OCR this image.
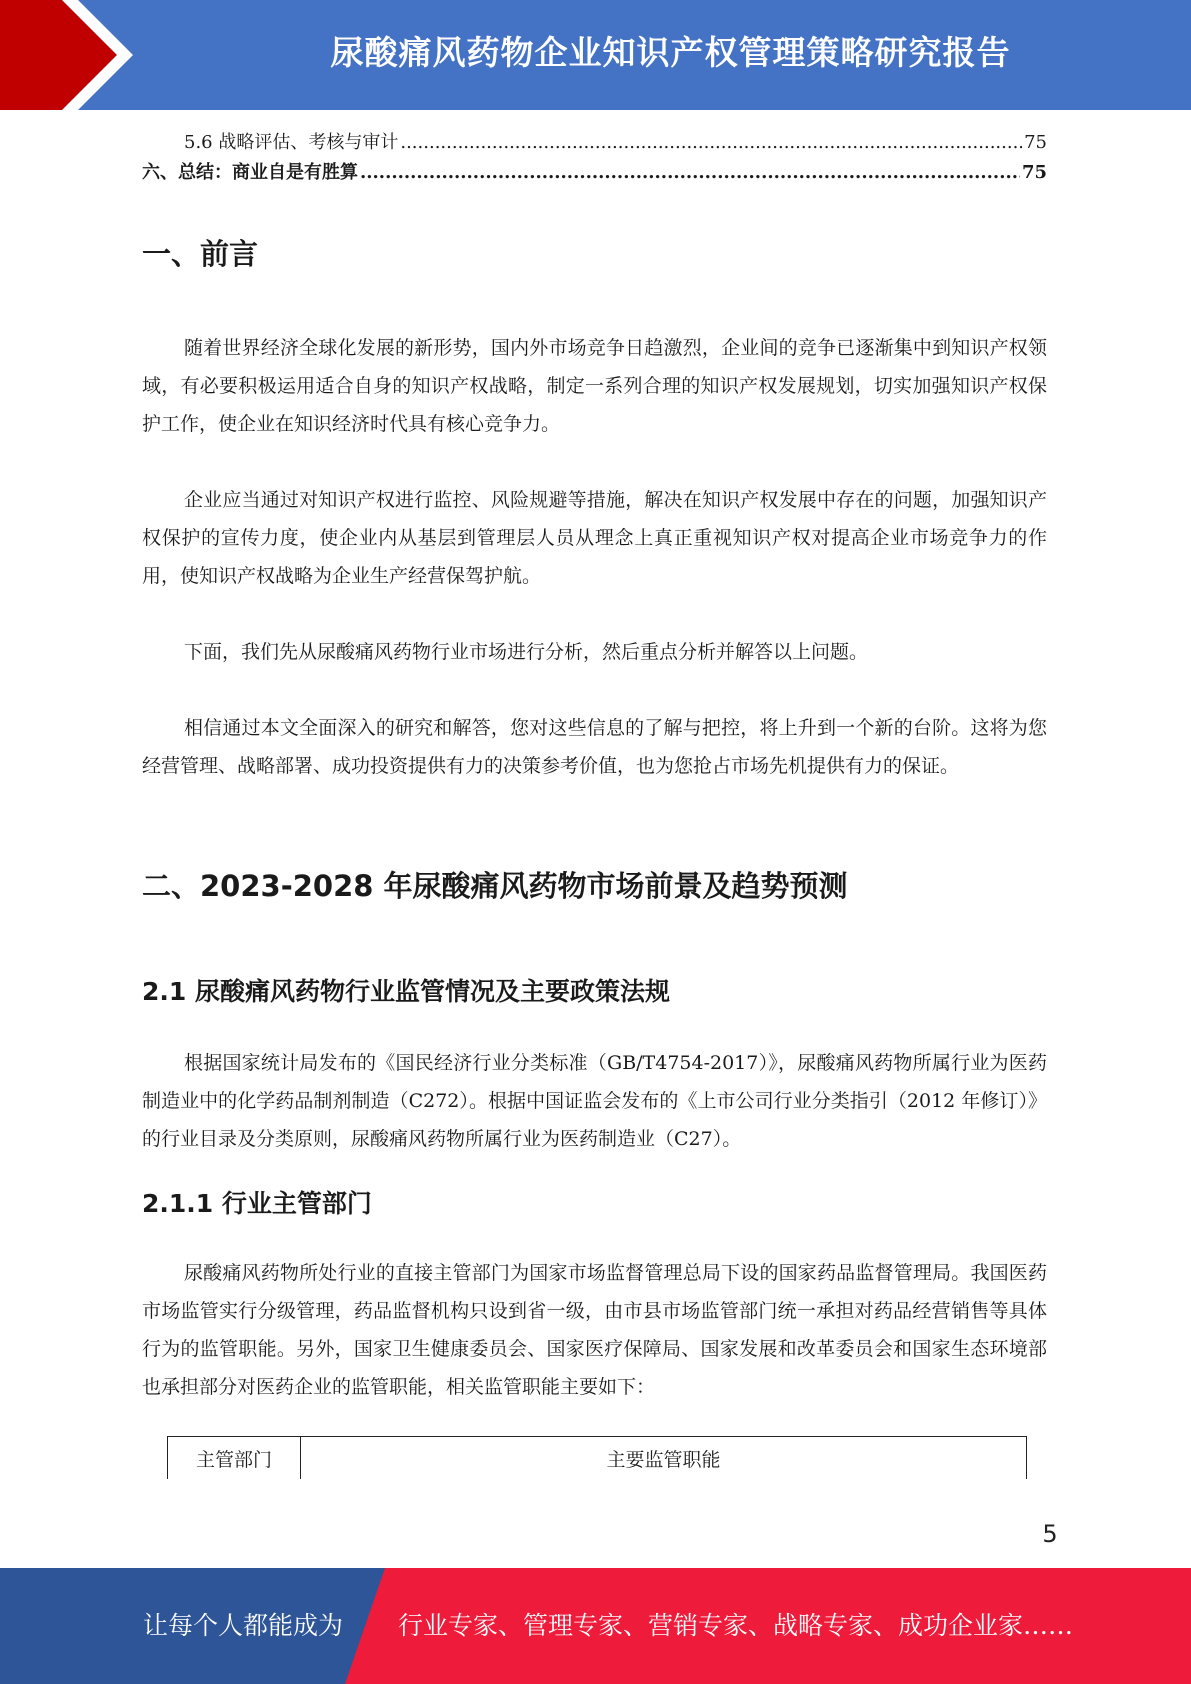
尿酸痛风药物企业知识产权管理策略研究报告
5.6 战略评估、考核与审计 .....	75
六、总结：商业自是有胜算 .....	75
一、前言

随着世界经济全球化发展的新形势，国内外市场竞争日趋激烈，企业间的竞争已逐渐集中到知识产权领域，有必要积极运用适合自身的知识产权战略，制定一系列合理的知识产权发展规划，切实加强知识产权保护工作，使企业在知识经济时代具有核心竞争力。

企业应当通过对知识产权进行监控、风险规避等措施，解决在知识产权发展中存在的问题，加强知识产权保护的宣传力度，使企业内从基层到管理层人员从理念上真正重视知识产权对提高企业市场竞争力的作用，使知识产权战略为企业生产经营保驾护航。

下面，我们先从尿酸痛风药物行业市场进行分析，然后重点分析并解答以上问题。

相信通过本文全面深入的研究和解答，您对这些信息的了解与把控，将上升到一个新的台阶。这将为您经营管理、战略部署、成功投资提供有力的决策参考价值，也为您抢占市场先机提供有力的保证。

二、2023-2028 年尿酸痛风药物市场前景及趋势预测
2.1 尿酸痛风药物行业监管情况及主要政策法规

根据国家统计局发布的《国民经济行业分类标准（GB/T4754-2017）》，尿酸痛风药物所属行业为医药制造业中的化学药品制剂制造（C272）。根据中国证监会发布的《上市公司行业分类指引（2012 年修订）》的行业目录及分类原则，尿酸痛风药物所属行业为医药制造业（C27）。

2.1.1 行业主管部门

尿酸痛风药物所处行业的直接主管部门为国家市场监督管理总局下设的国家药品监督管理局。我国医药市场监管实行分级管理，药品监督机构只设到省一级，由市县市场监管部门统一承担对药品经营销售等具体行为的监管职能。另外，国家卫生健康委员会、国家医疗保障局、国家发展和改革委员会和国家生态环境部也承担部分对医药企业的监管职能，相关监管职能主要如下：

主管部门	主要监管职能
5
让每个人都能成为 行业专家、管理专家、营销专家、战略专家、成功企业家……
